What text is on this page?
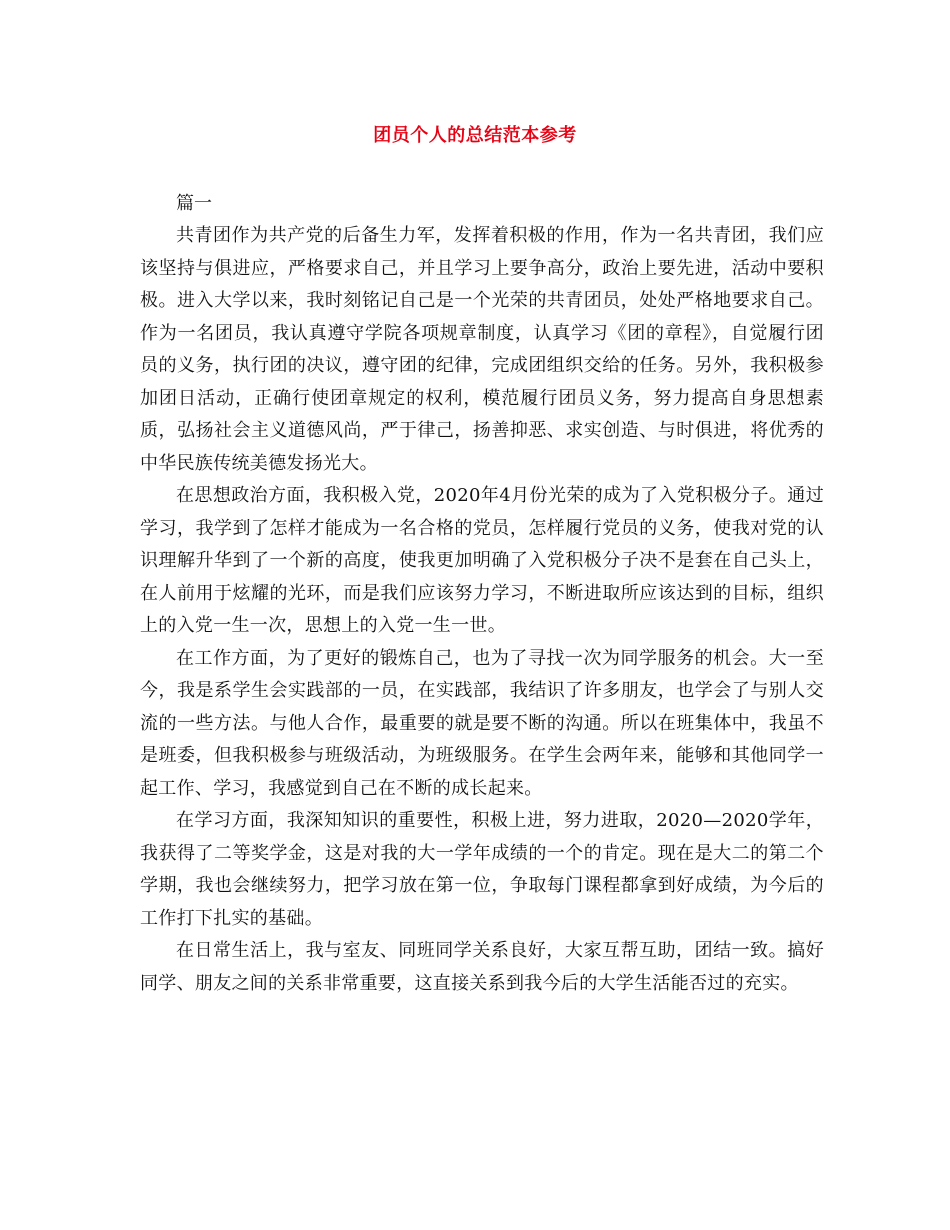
团员个人的总结范本参考

篇一

共青团作为共产党的后备生力军，发挥着积极的作用，作为一名共青团，我们应该坚持与俱进应，严格要求自己，并且学习上要争高分，政治上要先进，活动中要积极。进入大学以来，我时刻铭记自己是一个光荣的共青团员，处处严格地要求自己。作为一名团员，我认真遵守学院各项规章制度，认真学习《团的章程》，自觉履行团员的义务，执行团的决议，遵守团的纪律，完成团组织交给的任务。另外，我积极参加团日活动，正确行使团章规定的权利，模范履行团员义务，努力提高自身思想素质，弘扬社会主义道德风尚，严于律己，扬善抑恶、求实创造、与时俱进，将优秀的中华民族传统美德发扬光大。

在思想政治方面，我积极入党，2020年4月份光荣的成为了入党积极分子。通过学习，我学到了怎样才能成为一名合格的党员，怎样履行党员的义务，使我对党的认识理解升华到了一个新的高度，使我更加明确了入党积极分子决不是套在自己头上，在人前用于炫耀的光环，而是我们应该努力学习，不断进取所应该达到的目标，组织上的入党一生一次，思想上的入党一生一世。

在工作方面，为了更好的锻炼自己，也为了寻找一次为同学服务的机会。大一至今，我是系学生会实践部的一员，在实践部，我结识了许多朋友，也学会了与别人交流的一些方法。与他人合作，最重要的就是要不断的沟通。所以在班集体中，我虽不是班委，但我积极参与班级活动，为班级服务。在学生会两年来，能够和其他同学一起工作、学习，我感觉到自己在不断的成长起来。

在学习方面，我深知知识的重要性，积极上进，努力进取，2020—2020学年，我获得了二等奖学金，这是对我的大一学年成绩的一个的肯定。现在是大二的第二个学期，我也会继续努力，把学习放在第一位，争取每门课程都拿到好成绩，为今后的工作打下扎实的基础。

在日常生活上，我与室友、同班同学关系良好，大家互帮互助，团结一致。搞好同学、朋友之间的关系非常重要，这直接关系到我今后的大学生活能否过的充实。
